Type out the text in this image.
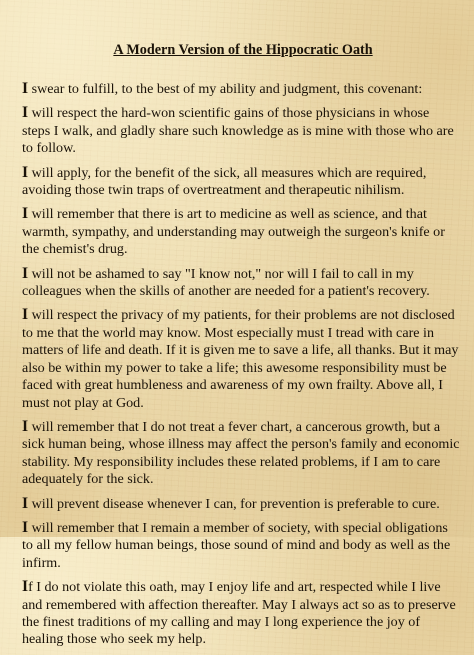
A Modern Version of the Hippocratic Oath

I swear to fulfill, to the best of my ability and judgment, this covenant:

I will respect the hard-won scientific gains of those physicians in whose steps I walk, and gladly share such knowledge as is mine with those who are to follow.

I will apply, for the benefit of the sick, all measures which are required, avoiding those twin traps of overtreatment and therapeutic nihilism.

I will remember that there is art to medicine as well as science, and that warmth, sympathy, and understanding may outweigh the surgeon's knife or the chemist's drug.

I will not be ashamed to say "I know not," nor will I fail to call in my colleagues when the skills of another are needed for a patient's recovery.

I will respect the privacy of my patients, for their problems are not disclosed to me that the world may know. Most especially must I tread with care in matters of life and death. If it is given me to save a life, all thanks. But it may also be within my power to take a life; this awesome responsibility must be faced with great humbleness and awareness of my own frailty. Above all, I must not play at God.

I will remember that I do not treat a fever chart, a cancerous growth, but a sick human being, whose illness may affect the person's family and economic stability. My responsibility includes these related problems, if I am to care adequately for the sick.

I will prevent disease whenever I can, for prevention is preferable to cure.

I will remember that I remain a member of society, with special obligations to all my fellow human beings, those sound of mind and body as well as the infirm.

If I do not violate this oath, may I enjoy life and art, respected while I live and remembered with affection thereafter. May I always act so as to preserve the finest traditions of my calling and may I long experience the joy of healing those who seek my help.
